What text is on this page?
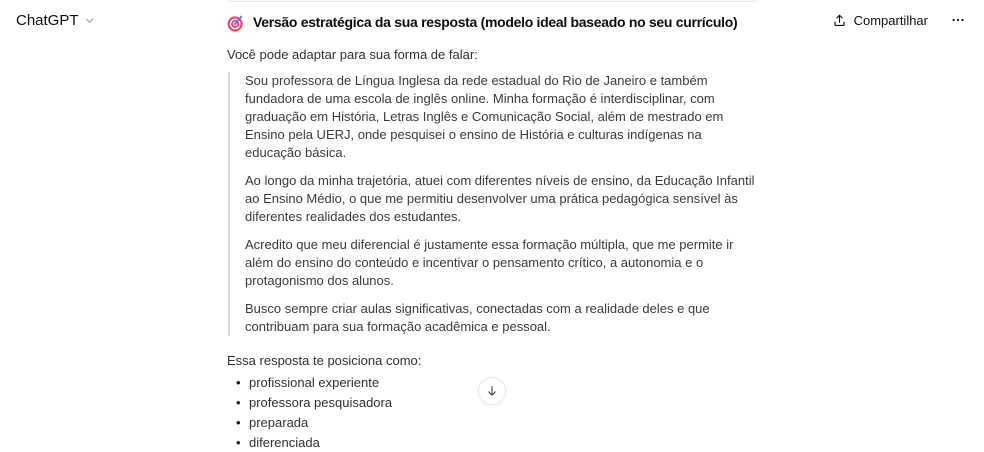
ChatGPT	Compartilhar
Versão estratégica da sua resposta (modelo ideal baseado no seu currículo)

Você pode adaptar para sua forma de falar:

Sou professora de Língua Inglesa da rede estadual do Rio de Janeiro e também fundadora de uma escola de inglês online. Minha formação é interdisciplinar, com graduação em História, Letras Inglês e Comunicação Social, além de mestrado em Ensino pela UERJ, onde pesquisei o ensino de História e culturas indígenas na educação básica.

Ao longo da minha trajetória, atuei com diferentes níveis de ensino, da Educação Infantil ao Ensino Médio, o que me permitiu desenvolver uma prática pedagógica sensível às diferentes realidades dos estudantes.

Acredito que meu diferencial é justamente essa formação múltipla, que me permite ir além do ensino do conteúdo e incentivar o pensamento crítico, a autonomia e o protagonismo dos alunos.

Busco sempre criar aulas significativas, conectadas com a realidade deles e que contribuam para sua formação acadêmica e pessoal.

Essa resposta te posiciona como:

• profissional experiente
• professora pesquisadora
• preparada
• diferenciada
